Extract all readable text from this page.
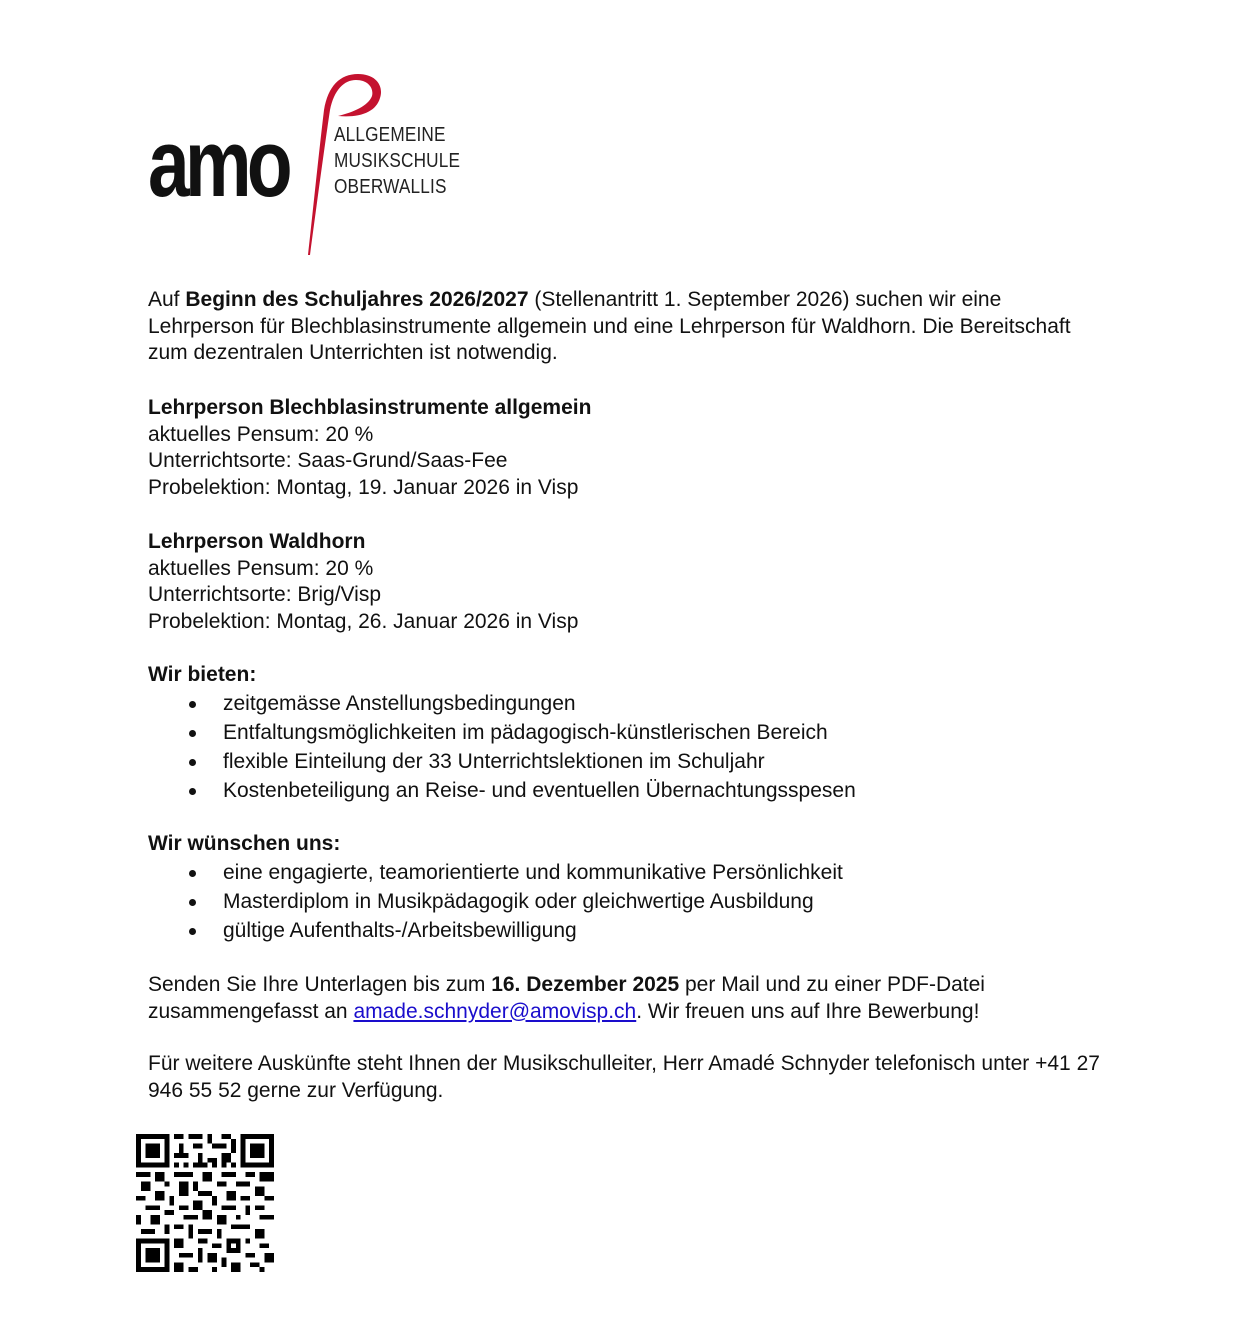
amo ALLGEMEINE
MUSIKSCHULE
OBERWALLIS

Auf Beginn des Schuljahres 2026/2027 (Stellenantritt 1. September 2026) suchen wir eine Lehrperson für Blechblasinstrumente allgemein und eine Lehrperson für Waldhorn. Die Bereitschaft zum dezentralen Unterrichten ist notwendig.

Lehrperson Blechblasinstrumente allgemein

aktuelles Pensum: 20 %

Unterrichtsorte: Saas-Grund/Saas-Fee

Probelektion: Montag, 19. Januar 2026 in Visp

Lehrperson Waldhorn

aktuelles Pensum: 20 %

Unterrichtsorte: Brig/Visp

Probelektion: Montag, 26. Januar 2026 in Visp

Wir bieten:

zeitgemässe Anstellungsbedingungen
Entfaltungsmöglichkeiten im pädagogisch-künstlerischen Bereich
flexible Einteilung der 33 Unterrichtslektionen im Schuljahr
Kostenbeteiligung an Reise- und eventuellen Übernachtungsspesen

Wir wünschen uns:

eine engagierte, teamorientierte und kommunikative Persönlichkeit
Masterdiplom in Musikpädagogik oder gleichwertige Ausbildung
gültige Aufenthalts-/Arbeitsbewilligung

Senden Sie Ihre Unterlagen bis zum 16. Dezember 2025 per Mail und zu einer PDF-Datei zusammengefasst an amade.schnyder@amovisp.ch. Wir freuen uns auf Ihre Bewerbung!

Für weitere Auskünfte steht Ihnen der Musikschulleiter, Herr Amadé Schnyder telefonisch unter +41 27 946 55 52 gerne zur Verfügung.
